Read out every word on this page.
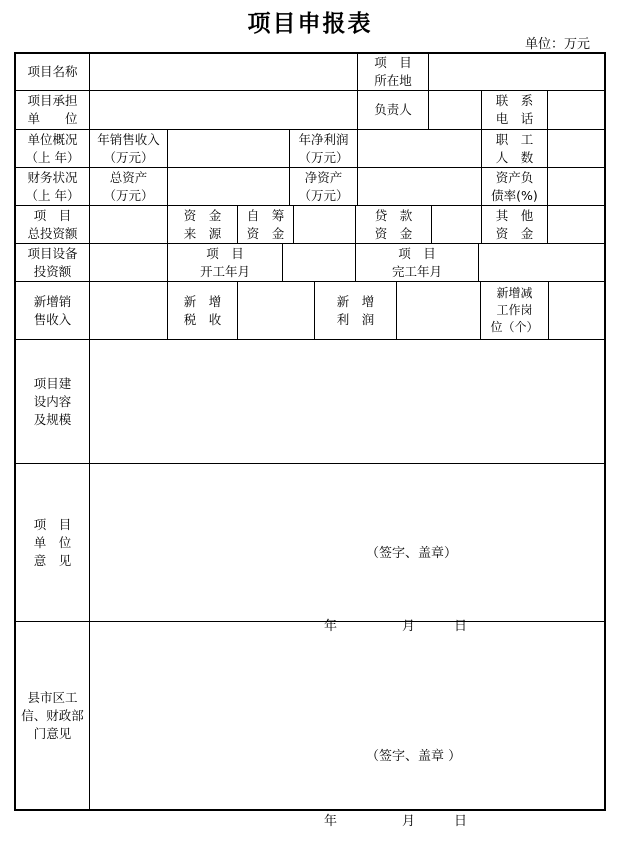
项目申报表
单位：万元
项目名称
项　目
所在地
项目承担
单　　位
负责人
联　系
电　话
单位概况
（上 年）
年销售收入
（万元）
年净利润
（万元）
职　工
人　数
财务状况
（上 年）
总资产
（万元）
净资产
（万元）
资产负
债率(%)
项　目
总投资额
资　金
来　源
自　筹
资　金
贷　款
资　金
其　他
资　金
项目设备
投资额
项　目
开工年月
项　目
完工年月
新增销
售收入
新　增
税　收
新　增
利　润
新增减
工作岗
位（个）
项目建
设内容
及规模
项　目
单　位
意　见

	（签字、盖章）

年　　　　　月　　　日

县市区工
信、财政部
门意见

（签字、盖章 ）

年　　　　　月　　　日
